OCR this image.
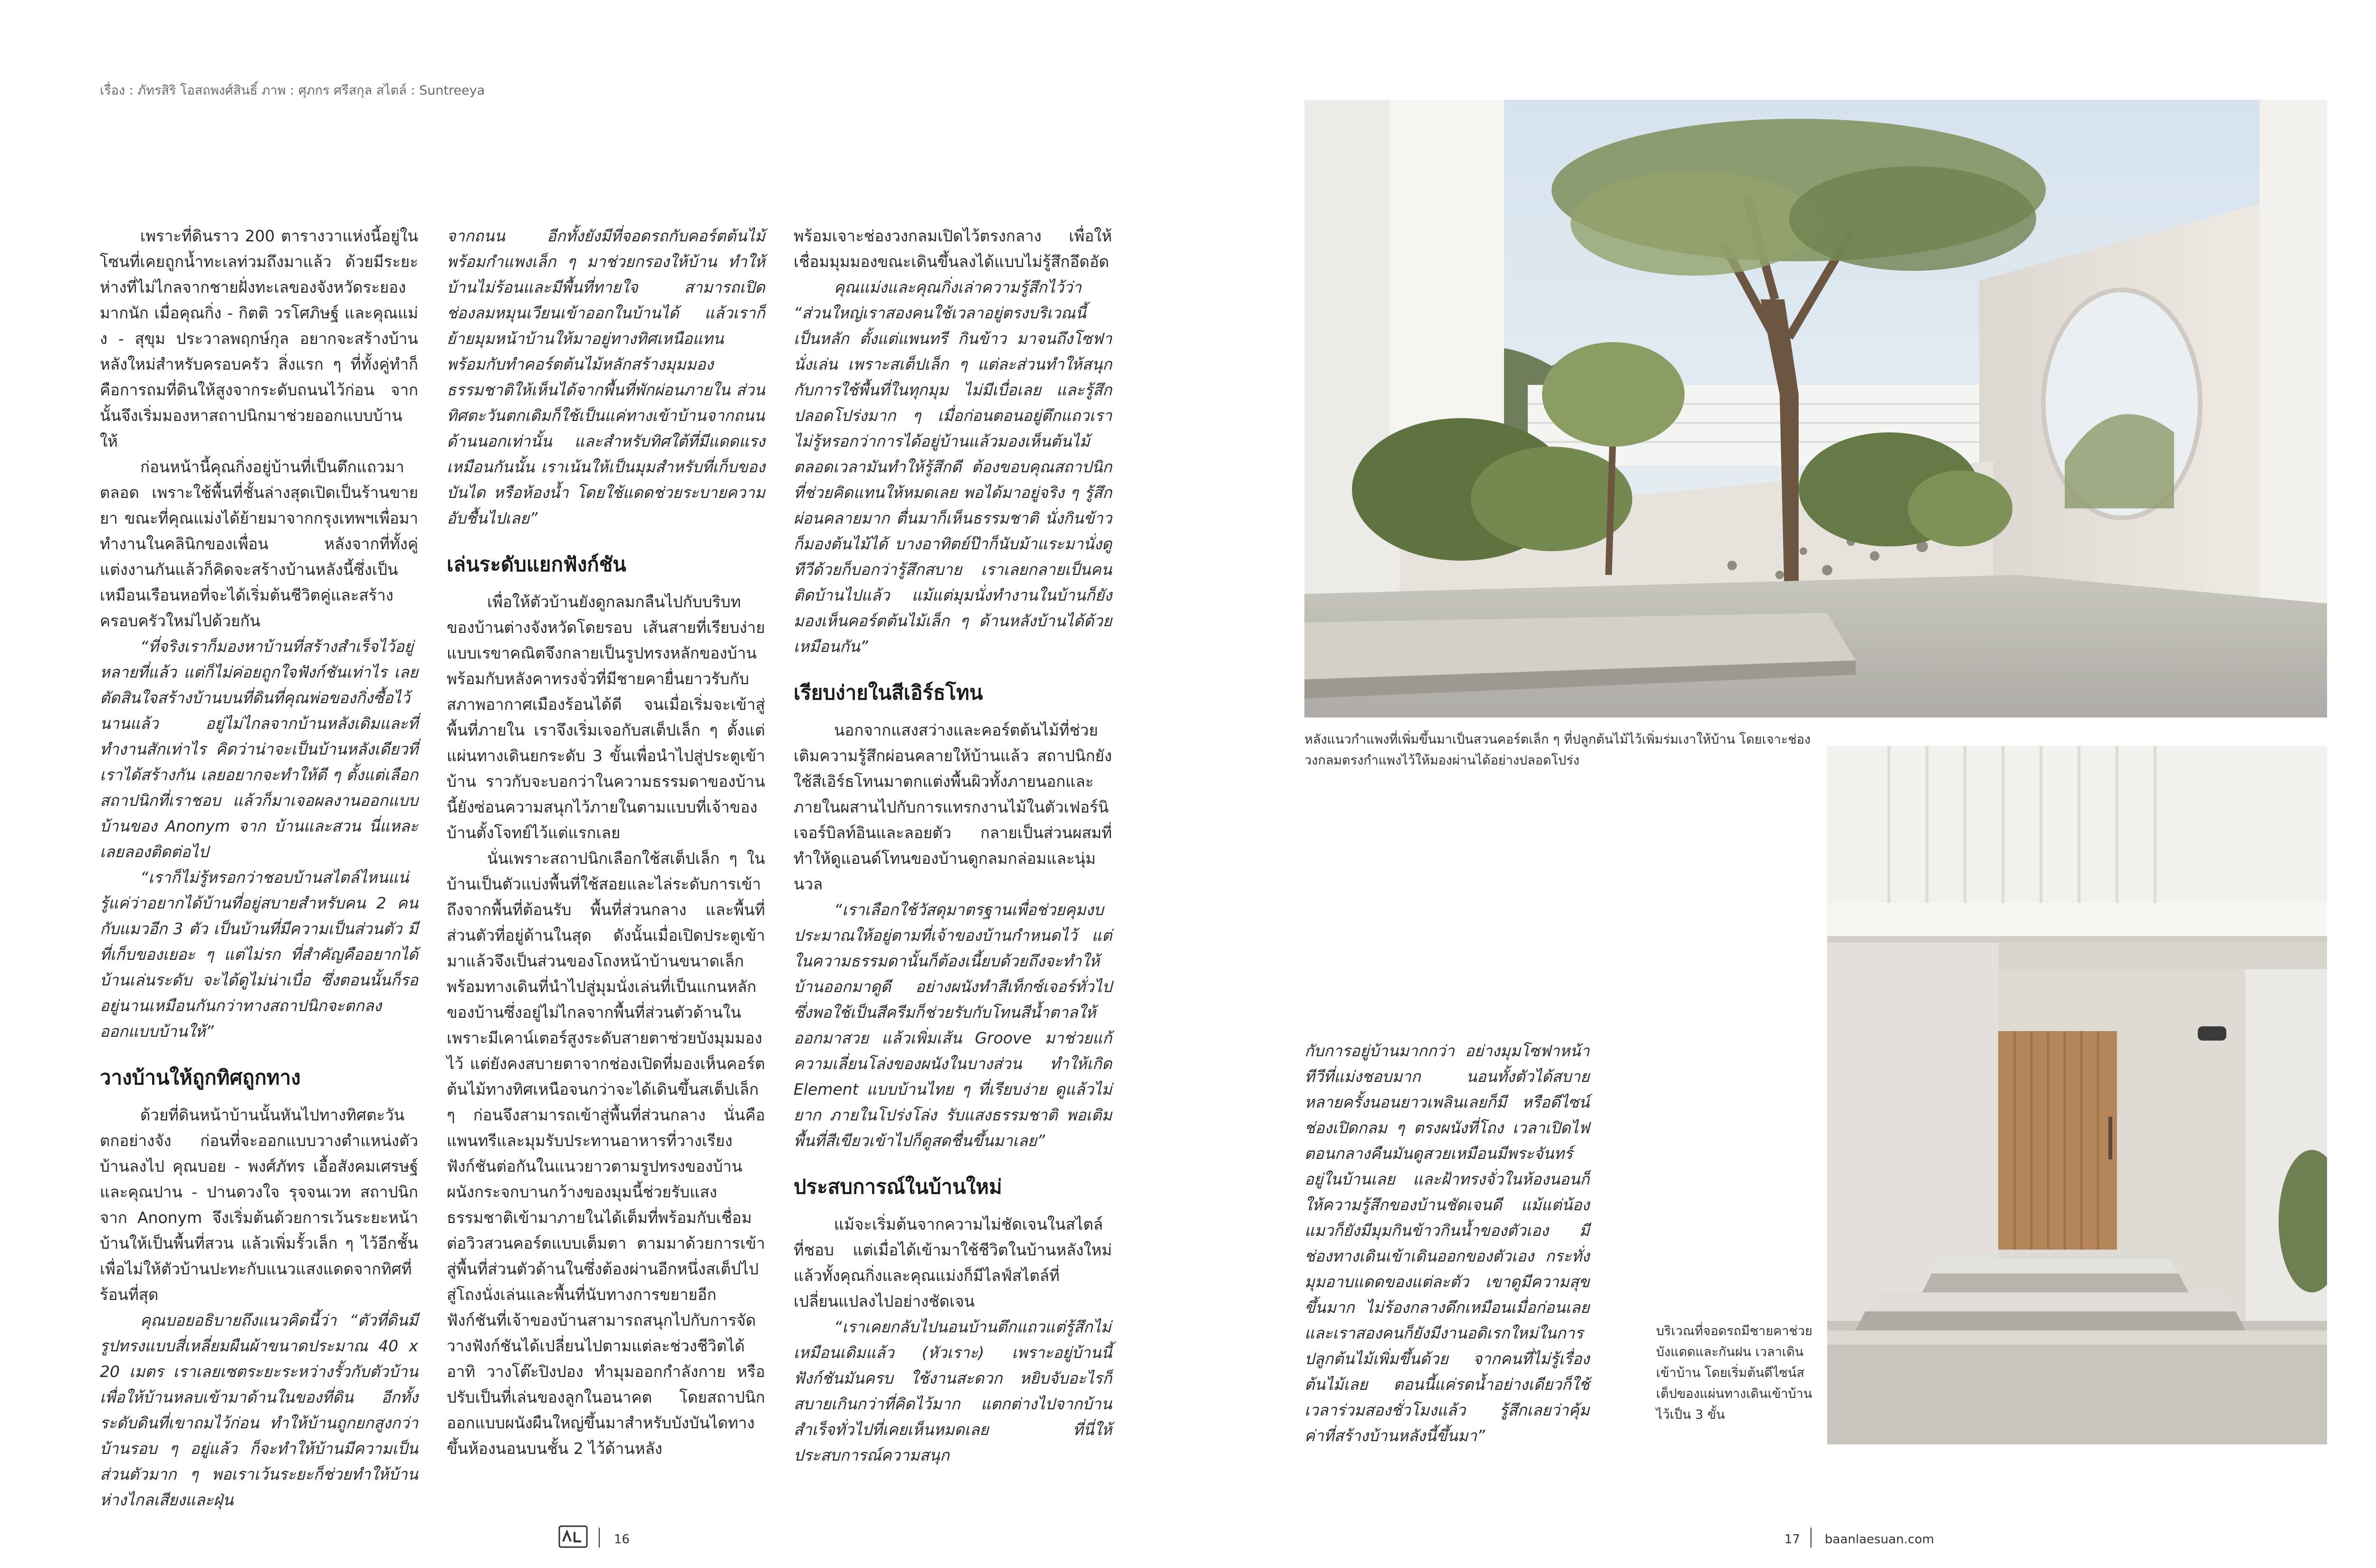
เรื่อง : ภัทรสิริ โอสถพงศ์สินธิ์ ภาพ : ศุภกร ศรีสกุล สไตล์ : Suntreeya

เพราะที่ดินราว 200 ตารางวาแห่งนี้อยู่ในโซนที่เคยถูกน้ำทะเลท่วมถึงมาแล้ว ด้วยมีระยะห่างที่ไม่ไกลจากชายฝั่งทะเลของจังหวัดระยองมากนัก เมื่อคุณกิ่ง - กิตติ วรโศภิษฐ์ และคุณแม่ง - สุขุม ประวาลพฤกษ์กุล อยากจะสร้างบ้านหลังใหม่สำหรับครอบครัว สิ่งแรก ๆ ที่ทั้งคู่ทำก็คือการถมที่ดินให้สูงจากระดับถนนไว้ก่อน จากนั้นจึงเริ่มมองหาสถาปนิกมาช่วยออกแบบบ้านให้

ก่อนหน้านี้คุณกิ่งอยู่บ้านที่เป็นตึกแถวมาตลอด เพราะใช้พื้นที่ชั้นล่างสุดเปิดเป็นร้านขายยา ขณะที่คุณแม่งได้ย้ายมาจากกรุงเทพฯเพื่อมาทำงานในคลินิกของเพื่อน หลังจากที่ทั้งคู่แต่งงานกันแล้วก็คิดจะสร้างบ้านหลังนี้ซึ่งเป็นเหมือนเรือนหอที่จะได้เริ่มต้นชีวิตคู่และสร้างครอบครัวใหม่ไปด้วยกัน

“ที่จริงเราก็มองหาบ้านที่สร้างสำเร็จไว้อยู่หลายที่แล้ว แต่ก็ไม่ค่อยถูกใจฟังก์ชันเท่าไร เลยตัดสินใจสร้างบ้านบนที่ดินที่คุณพ่อของกิ่งซื้อไว้นานแล้ว อยู่ไม่ไกลจากบ้านหลังเดิมและที่ทำงานสักเท่าไร คิดว่าน่าจะเป็นบ้านหลังเดียวที่เราได้สร้างกัน เลยอยากจะทำให้ดี ๆ ตั้งแต่เลือกสถาปนิกที่เราชอบ แล้วก็มาเจอผลงานออกแบบบ้านของ Anonym จาก บ้านและสวน นี่แหละ เลยลองติดต่อไป

“เราก็ไม่รู้หรอกว่าชอบบ้านสไตล์ไหนแน่ รู้แค่ว่าอยากได้บ้านที่อยู่สบายสำหรับคน 2 คนกับแมวอีก 3 ตัว เป็นบ้านที่มีความเป็นส่วนตัว มีที่เก็บของเยอะ ๆ แต่ไม่รก ที่สำคัญคืออยากได้บ้านเล่นระดับ จะได้ดูไม่น่าเบื่อ ซึ่งตอนนั้นก็รออยู่นานเหมือนกันกว่าทางสถาปนิกจะตกลงออกแบบบ้านให้”

วางบ้านให้ถูกทิศถูกทาง

ด้วยที่ดินหน้าบ้านนั้นหันไปทางทิศตะวันตกอย่างจัง ก่อนที่จะออกแบบวางตำแหน่งตัวบ้านลงไป คุณบอย - พงศ์ภัทร เอื้อสังคมเศรษฐ์ และคุณปาน - ปานดวงใจ รุจจนเวท สถาปนิกจาก Anonym จึงเริ่มต้นด้วยการเว้นระยะหน้าบ้านให้เป็นพื้นที่สวน แล้วเพิ่มรั้วเล็ก ๆ ไว้อีกชั้นเพื่อไม่ให้ตัวบ้านปะทะกับแนวแสงแดดจากทิศที่ร้อนที่สุด

คุณบอยอธิบายถึงแนวคิดนี้ว่า “ตัวที่ดินมีรูปทรงแบบสี่เหลี่ยมผืนผ้าขนาดประมาณ 40 x 20 เมตร เราเลยเซตระยะระหว่างรั้วกับตัวบ้าน เพื่อให้บ้านหลบเข้ามาด้านในของที่ดิน อีกทั้งระดับดินที่เขาถมไว้ก่อน ทำให้บ้านถูกยกสูงกว่าบ้านรอบ ๆ อยู่แล้ว ก็จะทำให้บ้านมีความเป็นส่วนตัวมาก ๆ พอเราเว้นระยะก็ช่วยทำให้บ้านห่างไกลเสียงและฝุ่น

จากถนน อีกทั้งยังมีที่จอดรถกับคอร์ตต้นไม้พร้อมกำแพงเล็ก ๆ มาช่วยกรองให้บ้าน ทำให้บ้านไม่ร้อนและมีพื้นที่ทายใจ สามารถเปิดช่องลมหมุนเวียนเข้าออกในบ้านได้ แล้วเราก็ย้ายมุมหน้าบ้านให้มาอยู่ทางทิศเหนือแทน พร้อมกับทำคอร์ตต้นไม้หลักสร้างมุมมองธรรมชาติให้เห็นได้จากพื้นที่พักผ่อนภายใน ส่วนทิศตะวันตกเดิมก็ใช้เป็นแค่ทางเข้าบ้านจากถนนด้านนอกเท่านั้น และสำหรับทิศใต้ที่มีแดดแรงเหมือนกันนั้น เราเน้นให้เป็นมุมสำหรับที่เก็บของ บันได หรือห้องน้ำ โดยใช้แดดช่วยระบายความอับชื้นไปเลย”

เล่นระดับแยกฟังก์ชัน

เพื่อให้ตัวบ้านยังดูกลมกลืนไปกับบริบทของบ้านต่างจังหวัดโดยรอบ เส้นสายที่เรียบง่ายแบบเรขาคณิตจึงกลายเป็นรูปทรงหลักของบ้าน พร้อมกับหลังคาทรงจั่วที่มีชายคายื่นยาวรับกับสภาพอากาศเมืองร้อนได้ดี จนเมื่อเริ่มจะเข้าสู่พื้นที่ภายใน เราจึงเริ่มเจอกับสเต็ปเล็ก ๆ ตั้งแต่แผ่นทางเดินยกระดับ 3 ขั้นเพื่อนำไปสู่ประตูเข้าบ้าน ราวกับจะบอกว่าในความธรรมดาของบ้านนี้ยังซ่อนความสนุกไว้ภายในตามแบบที่เจ้าของบ้านตั้งโจทย์ไว้แต่แรกเลย

นั่นเพราะสถาปนิกเลือกใช้สเต็ปเล็ก ๆ ในบ้านเป็นตัวแบ่งพื้นที่ใช้สอยและไล่ระดับการเข้าถึงจากพื้นที่ต้อนรับ พื้นที่ส่วนกลาง และพื้นที่ส่วนตัวที่อยู่ด้านในสุด ดังนั้นเมื่อเปิดประตูเข้ามาแล้วจึงเป็นส่วนของโถงหน้าบ้านขนาดเล็ก พร้อมทางเดินที่นำไปสู่มุมนั่งเล่นที่เป็นแกนหลักของบ้านซึ่งอยู่ไม่ไกลจากพื้นที่ส่วนตัวด้านใน เพราะมีเคาน์เตอร์สูงระดับสายตาช่วยบังมุมมองไว้ แต่ยังคงสบายตาจากช่องเปิดที่มองเห็นคอร์ตต้นไม้ทางทิศเหนือจนกว่าจะได้เดินขึ้นสเต็ปเล็ก ๆ ก่อนจึงสามารถเข้าสู่พื้นที่ส่วนกลาง นั่นคือแพนทรีและมุมรับประทานอาหารที่วางเรียงฟังก์ชันต่อกันในแนวยาวตามรูปทรงของบ้าน ผนังกระจกบานกว้างของมุมนี้ช่วยรับแสงธรรมชาติเข้ามาภายในได้เต็มที่พร้อมกับเชื่อมต่อวิวสวนคอร์ตแบบเต็มตา ตามมาด้วยการเข้าสู่พื้นที่ส่วนตัวด้านในซึ่งต้องผ่านอีกหนึ่งสเต็ปไปสู่โถงนั่งเล่นและพื้นที่นับทางการขยายอีกฟังก์ชันที่เจ้าของบ้านสามารถสนุกไปกับการจัดวางฟังก์ชันได้เปลี่ยนไปตามแต่ละช่วงชีวิตได้ อาทิ วางโต๊ะปิงปอง ทำมุมออกกำลังกาย หรือปรับเป็นที่เล่นของลูกในอนาคต โดยสถาปนิกออกแบบผนังผืนใหญ่ขึ้นมาสำหรับบังบันไดทางขึ้นห้องนอนบนชั้น 2 ไว้ด้านหลัง

พร้อมเจาะช่องวงกลมเปิดไว้ตรงกลาง เพื่อให้เชื่อมมุมมองขณะเดินขึ้นลงได้แบบไม่รู้สึกอึดอัด

คุณแม่งและคุณกิ่งเล่าความรู้สึกไว้ว่า “ส่วนใหญ่เราสองคนใช้เวลาอยู่ตรงบริเวณนี้เป็นหลัก ตั้งแต่แพนทรี กินข้าว มาจนถึงโซฟานั่งเล่น เพราะสเต็ปเล็ก ๆ แต่ละส่วนทำให้สนุกกับการใช้พื้นที่ในทุกมุม ไม่มีเบื่อเลย และรู้สึกปลอดโปร่งมาก ๆ เมื่อก่อนตอนอยู่ตึกแถวเราไม่รู้หรอกว่าการได้อยู่บ้านแล้วมองเห็นต้นไม้ตลอดเวลามันทำให้รู้สึกดี ต้องขอบคุณสถาปนิกที่ช่วยคิดแทนให้หมดเลย พอได้มาอยู่จริง ๆ รู้สึกผ่อนคลายมาก ตื่นมาก็เห็นธรรมชาติ นั่งกินข้าวก็มองต้นไม้ได้ บางอาทิตย์ป๊าก็นับม้าแระมานั่งดูทีวีด้วยก็บอกว่ารู้สึกสบาย เราเลยกลายเป็นคนติดบ้านไปแล้ว แม้แต่มุมนั่งทำงานในบ้านก็ยังมองเห็นคอร์ตต้นไม้เล็ก ๆ ด้านหลังบ้านได้ด้วยเหมือนกัน”

เรียบง่ายในสีเอิร์ธโทน

นอกจากแสงสว่างและคอร์ตต้นไม้ที่ช่วยเติมความรู้สึกผ่อนคลายให้บ้านแล้ว สถาปนิกยังใช้สีเอิร์ธโทนมาตกแต่งพื้นผิวทั้งภายนอกและภายในผสานไปกับการแทรกงานไม้ในตัวเฟอร์นิเจอร์บิลท์อินและลอยตัว กลายเป็นส่วนผสมที่ทำให้ดูแอนด์โทนของบ้านดูกลมกล่อมและนุ่มนวล

“เราเลือกใช้วัสดุมาตรฐานเพื่อช่วยคุมงบประมาณให้อยู่ตามที่เจ้าของบ้านกำหนดไว้ แต่ในความธรรมดานั้นก็ต้องเนี้ยบด้วยถึงจะทำให้บ้านออกมาดูดี อย่างผนังทำสีเท็กซ์เจอร์ทั่วไป ซึ่งพอใช้เป็นสีครีมก็ช่วยรับกับโทนสีน้ำตาลให้ออกมาสวย แล้วเพิ่มเส้น Groove มาช่วยแก้ความเลี่ยนโล่งของผนังในบางส่วน ทำให้เกิด Element แบบบ้านไทย ๆ ที่เรียบง่าย ดูแล้วไม่ยาก ภายในโปร่งโล่ง รับแสงธรรมชาติ พอเติมพื้นที่สีเขียวเข้าไปก็ดูสดชื่นขึ้นมาเลย”

ประสบการณ์ในบ้านใหม่

แม้จะเริ่มต้นจากความไม่ชัดเจนในสไตล์ที่ชอบ แต่เมื่อได้เข้ามาใช้ชีวิตในบ้านหลังใหม่แล้วทั้งคุณกิ่งและคุณแม่งก็มีไลฟ์สไตล์ที่เปลี่ยนแปลงไปอย่างชัดเจน

“เราเคยกลับไปนอนบ้านตึกแถวแต่รู้สึกไม่เหมือนเดิมแล้ว (หัวเราะ) เพราะอยู่บ้านนี้ฟังก์ชันมันครบ ใช้งานสะดวก หยิบจับอะไรก็สบายเกินกว่าที่คิดไว้มาก แตกต่างไปจากบ้านสำเร็จทั่วไปที่เคยเห็นหมดเลย ที่นี่ให้ประสบการณ์ความสนุก

กับการอยู่บ้านมากกว่า อย่างมุมโซฟาหน้าทีวีที่แม่งชอบมาก นอนทั้งตัวได้สบาย หลายครั้งนอนยาวเพลินเลยก็มี หรือดีไซน์ช่องเปิดกลม ๆ ตรงผนังที่โถง เวลาเปิดไฟตอนกลางคืนมันดูสวยเหมือนมีพระจันทร์อยู่ในบ้านเลย และฝ้าทรงจั่วในห้องนอนก็ให้ความรู้สึกของบ้านชัดเจนดี แม้แต่น้องแมวก็ยังมีมุมกินข้าวกินน้ำของตัวเอง มีช่องทางเดินเข้าเดินออกของตัวเอง กระทั่งมุมอาบแดดของแต่ละตัว เขาดูมีความสุขขึ้นมาก ไม่ร้องกลางดึกเหมือนเมื่อก่อนเลย และเราสองคนก็ยังมีงานอดิเรกใหม่ในการปลูกต้นไม้เพิ่มขึ้นด้วย จากคนที่ไม่รู้เรื่องต้นไม้เลย ตอนนี้แค่รดน้ำอย่างเดียวก็ใช้เวลาร่วมสองชั่วโมงแล้ว รู้สึกเลยว่าคุ้มค่าที่สร้างบ้านหลังนี้ขึ้นมา”

หลังแนวกำแพงที่เพิ่มขึ้นมาเป็นสวนคอร์ตเล็ก ๆ ที่ปลูกต้นไม้ไว้เพิ่มร่มเงาให้บ้าน โดยเจาะช่องวงกลมตรงกำแพงไว้ให้มองผ่านได้อย่างปลอดโปร่ง
บริเวณที่จอดรถมีชายคาช่วยบังแดดและกันฝน เวลาเดินเข้าบ้าน โดยเริ่มต้นดีไซน์สเต็ปของแผ่นทางเดินเข้าบ้านไว้เป็น 3 ขั้น
16	17 baanlaesuan.com
